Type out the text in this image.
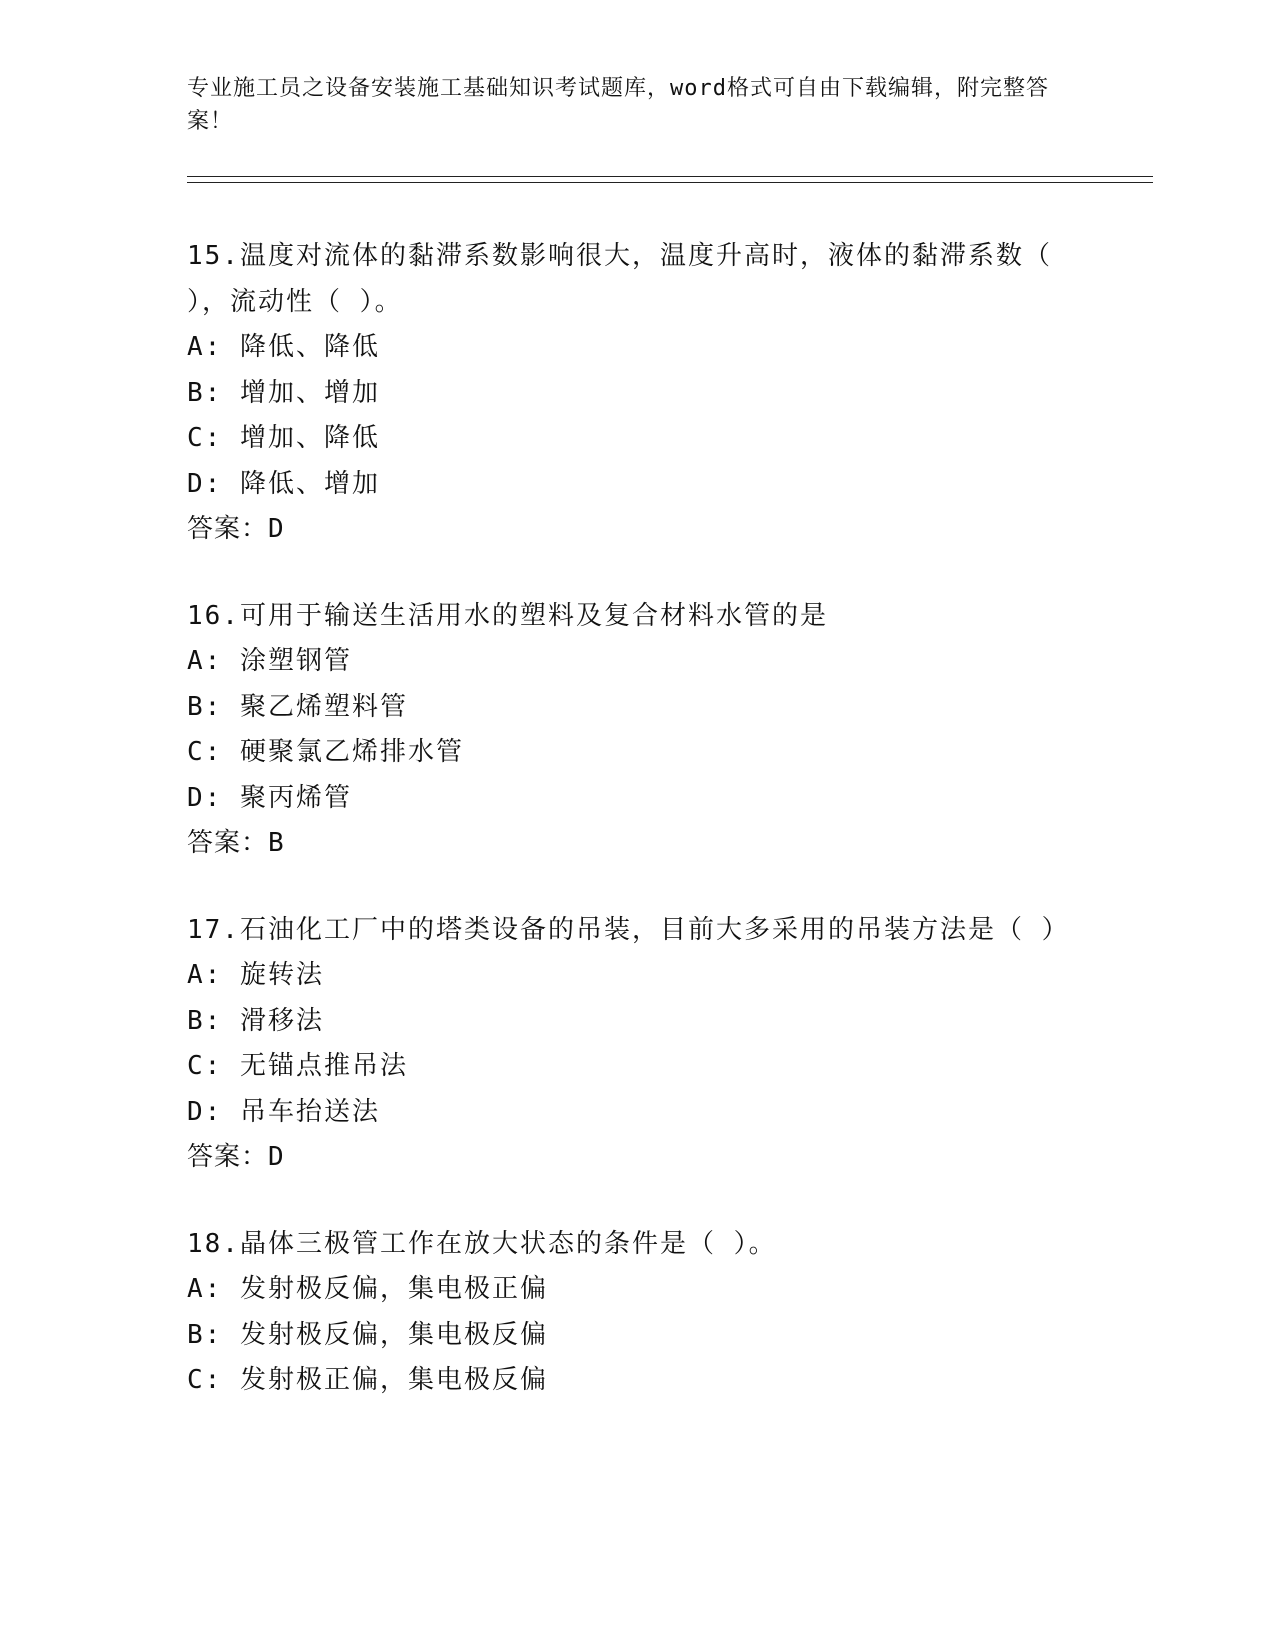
专业施工员之设备安装施工基础知识考试题库，word格式可自由下载编辑，附完整答案！
15.温度对流体的黏滞系数影响很大，温度升高时，液体的黏滞系数（ ），流动性（ ）。
A: 降低、降低
B: 增加、增加
C: 增加、降低
D: 降低、增加
答案：D
16.可用于输送生活用水的塑料及复合材料水管的是
A: 涂塑钢管
B: 聚乙烯塑料管
C: 硬聚氯乙烯排水管
D: 聚丙烯管
答案：B
17.石油化工厂中的塔类设备的吊装，目前大多采用的吊装方法是（ ）
A: 旋转法
B: 滑移法
C: 无锚点推吊法
D: 吊车抬送法
答案：D
18.晶体三极管工作在放大状态的条件是（ ）。
A: 发射极反偏，集电极正偏
B: 发射极反偏，集电极反偏
C: 发射极正偏，集电极反偏
